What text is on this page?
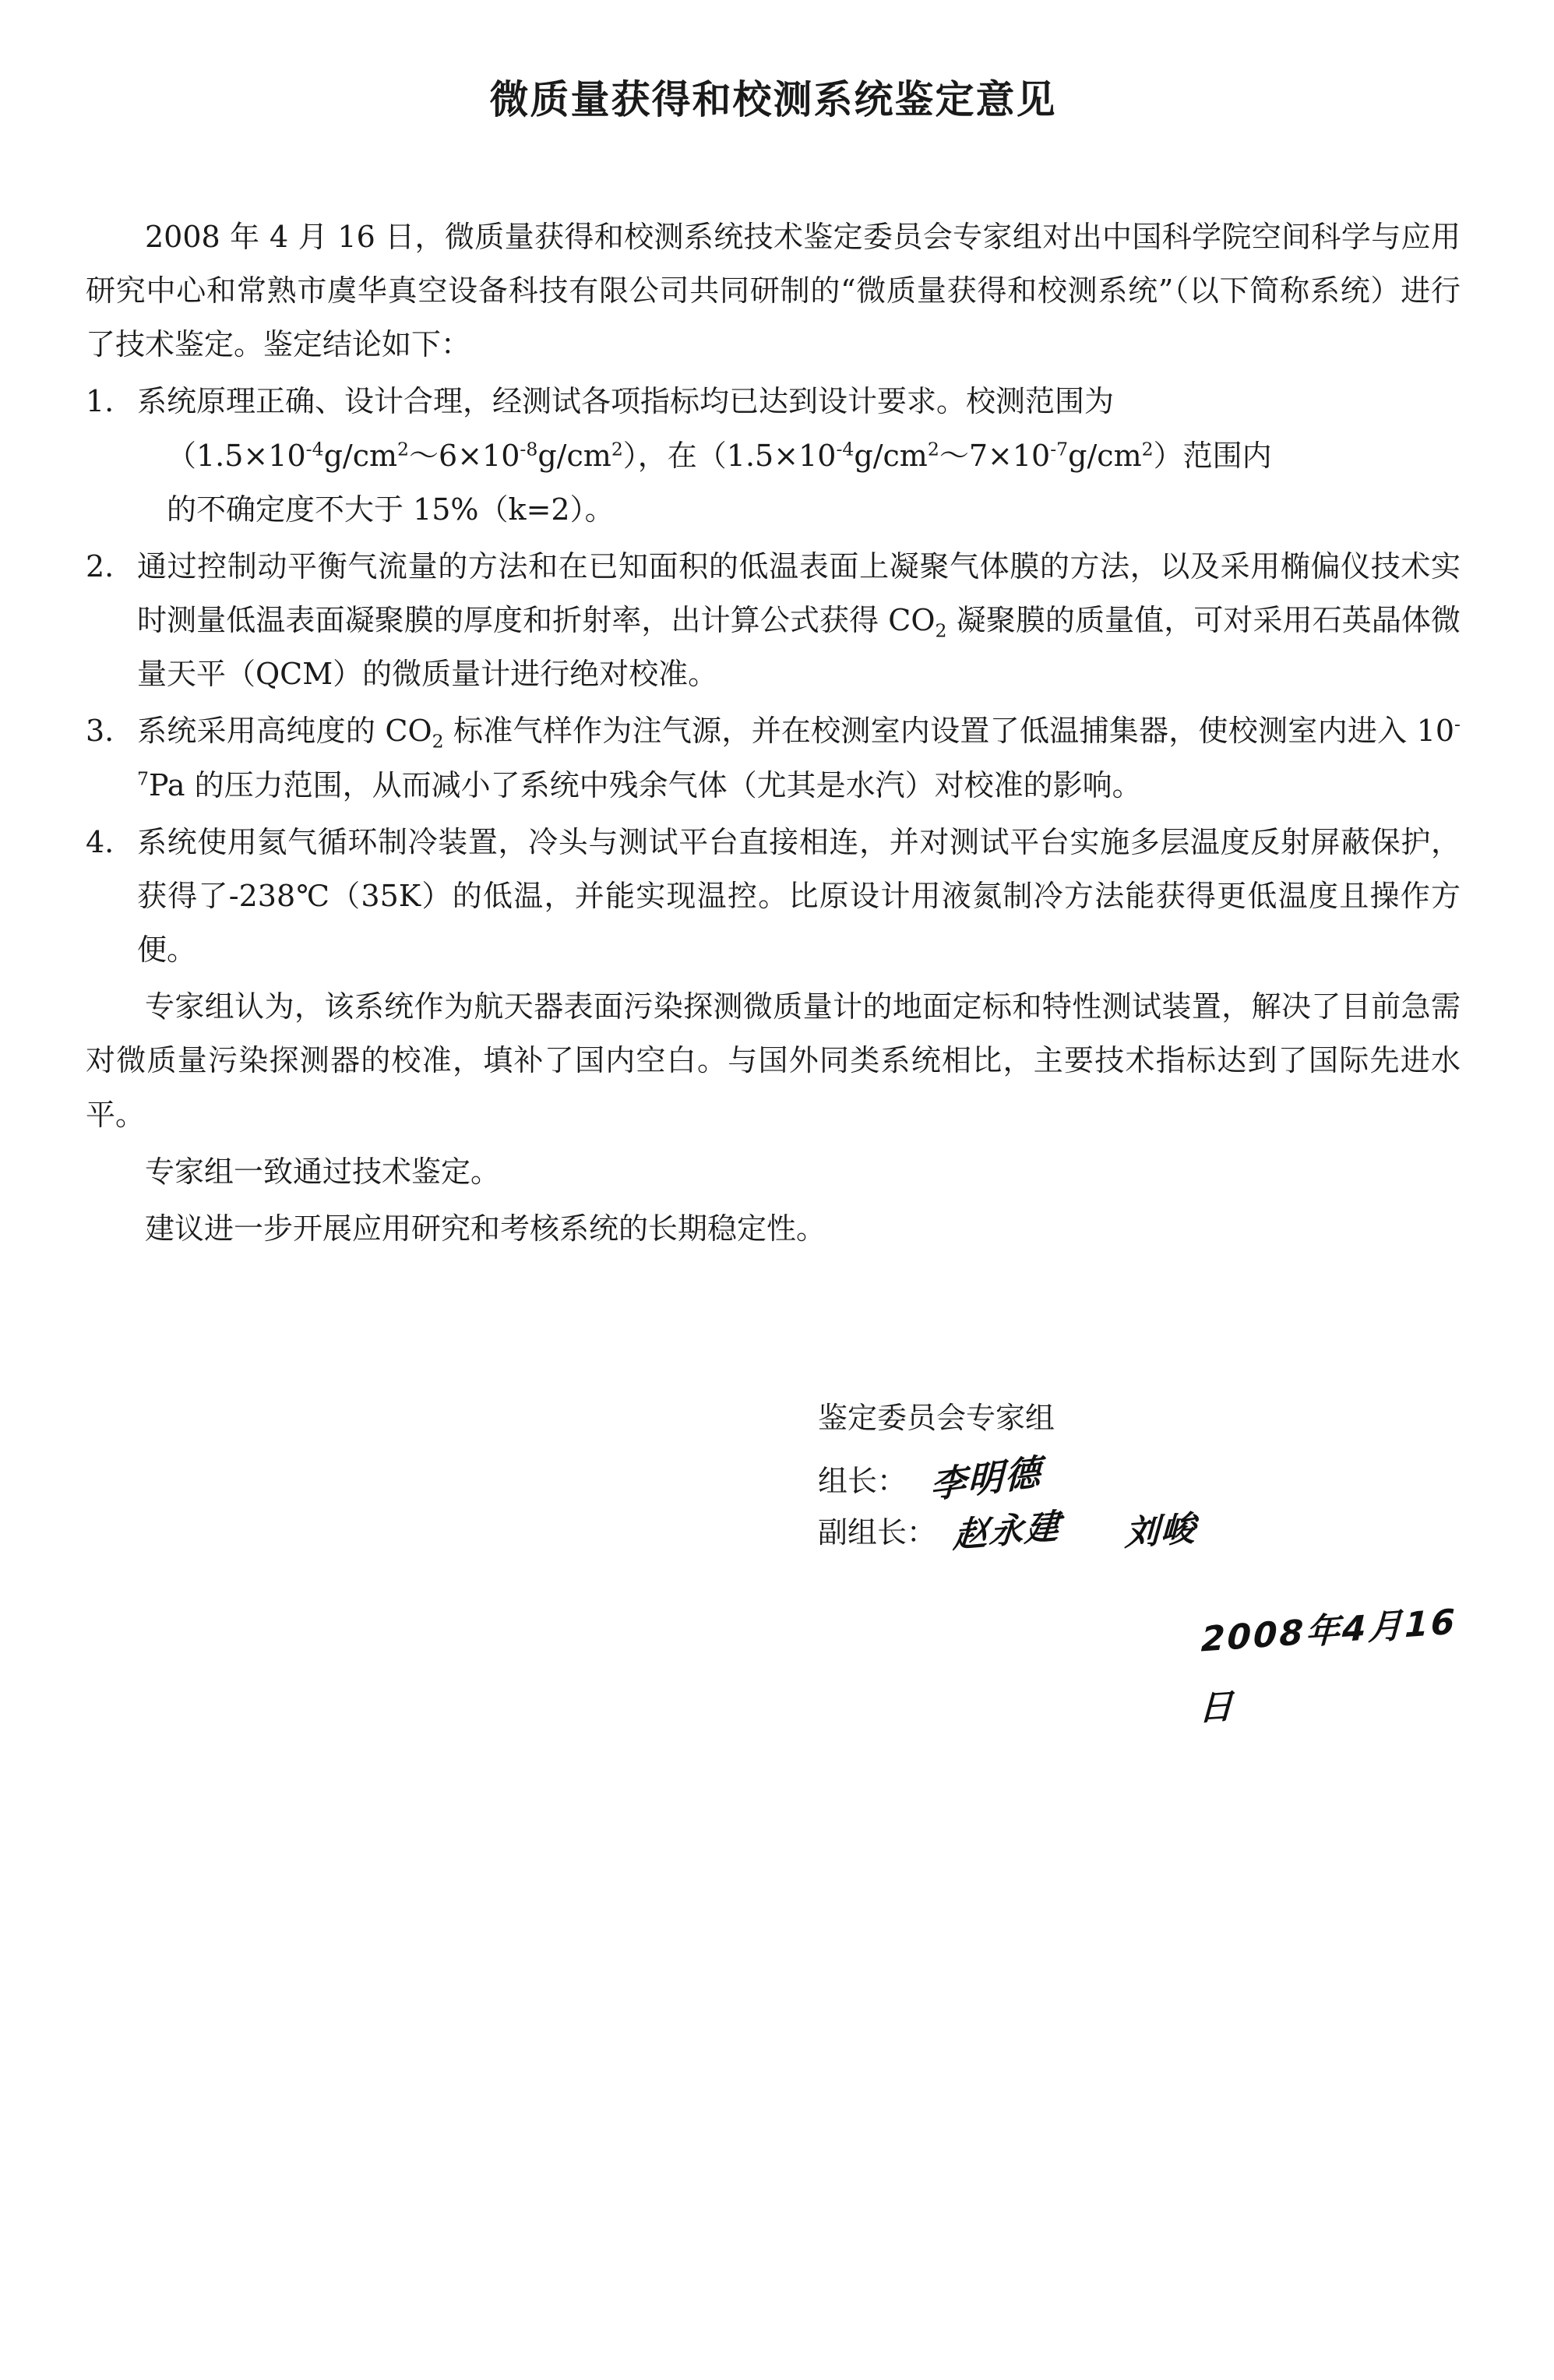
微质量获得和校测系统鉴定意见

2008 年 4 月 16 日，微质量获得和校测系统技术鉴定委员会专家组对出中国科学院空间科学与应用研究中心和常熟市虞华真空设备科技有限公司共同研制的“微质量获得和校测系统”（以下简称系统）进行了技术鉴定。鉴定结论如下：

1. 系统原理正确、设计合理，经测试各项指标均已达到设计要求。校测范围为
$(1.5\times 10^{-4}g/cm^2\sim 6\times 10^{-8}g/cm^2)$，在$(1.5\times 10^{-4}g/cm^2\sim 7\times 10^{-7}g/cm^2)$范围内
的不确定度不大于 15%（k=2）。
2. 通过控制动平衡气流量的方法和在已知面积的低温表面上凝聚气体膜的方法，以及采用椭偏仪技术实时测量低温表面凝聚膜的厚度和折射率，出计算公式获得 $CO_2$ 凝聚膜的质量值，可对采用石英晶体微量天平（QCM）的微质量计进行绝对校准。
3. 系统采用高纯度的 $CO_2$ 标准气样作为注气源，并在校测室内设置了低温捕集器，使校测室内进入 $10^{-7}Pa$ 的压力范围，从而减小了系统中残余气体（尤其是水汽）对校准的影响。
4. 系统使用氦气循环制冷装置，冷头与测试平台直接相连，并对测试平台实施多层温度反射屏蔽保护，获得了-238℃（35K）的低温，并能实现温控。比原设计用液氮制冷方法能获得更低温度且操作方便。

专家组认为，该系统作为航天器表面污染探测微质量计的地面定标和特性测试装置，解决了目前急需对微质量污染探测器的校准，填补了国内空白。与国外同类系统相比，主要技术指标达到了国际先进水平。

专家组一致通过技术鉴定。

建议进一步开展应用研究和考核系统的长期稳定性。

鉴定委员会专家组
组长： 李明德
副组长： 赵永建 刘峻
2008年4月16日
